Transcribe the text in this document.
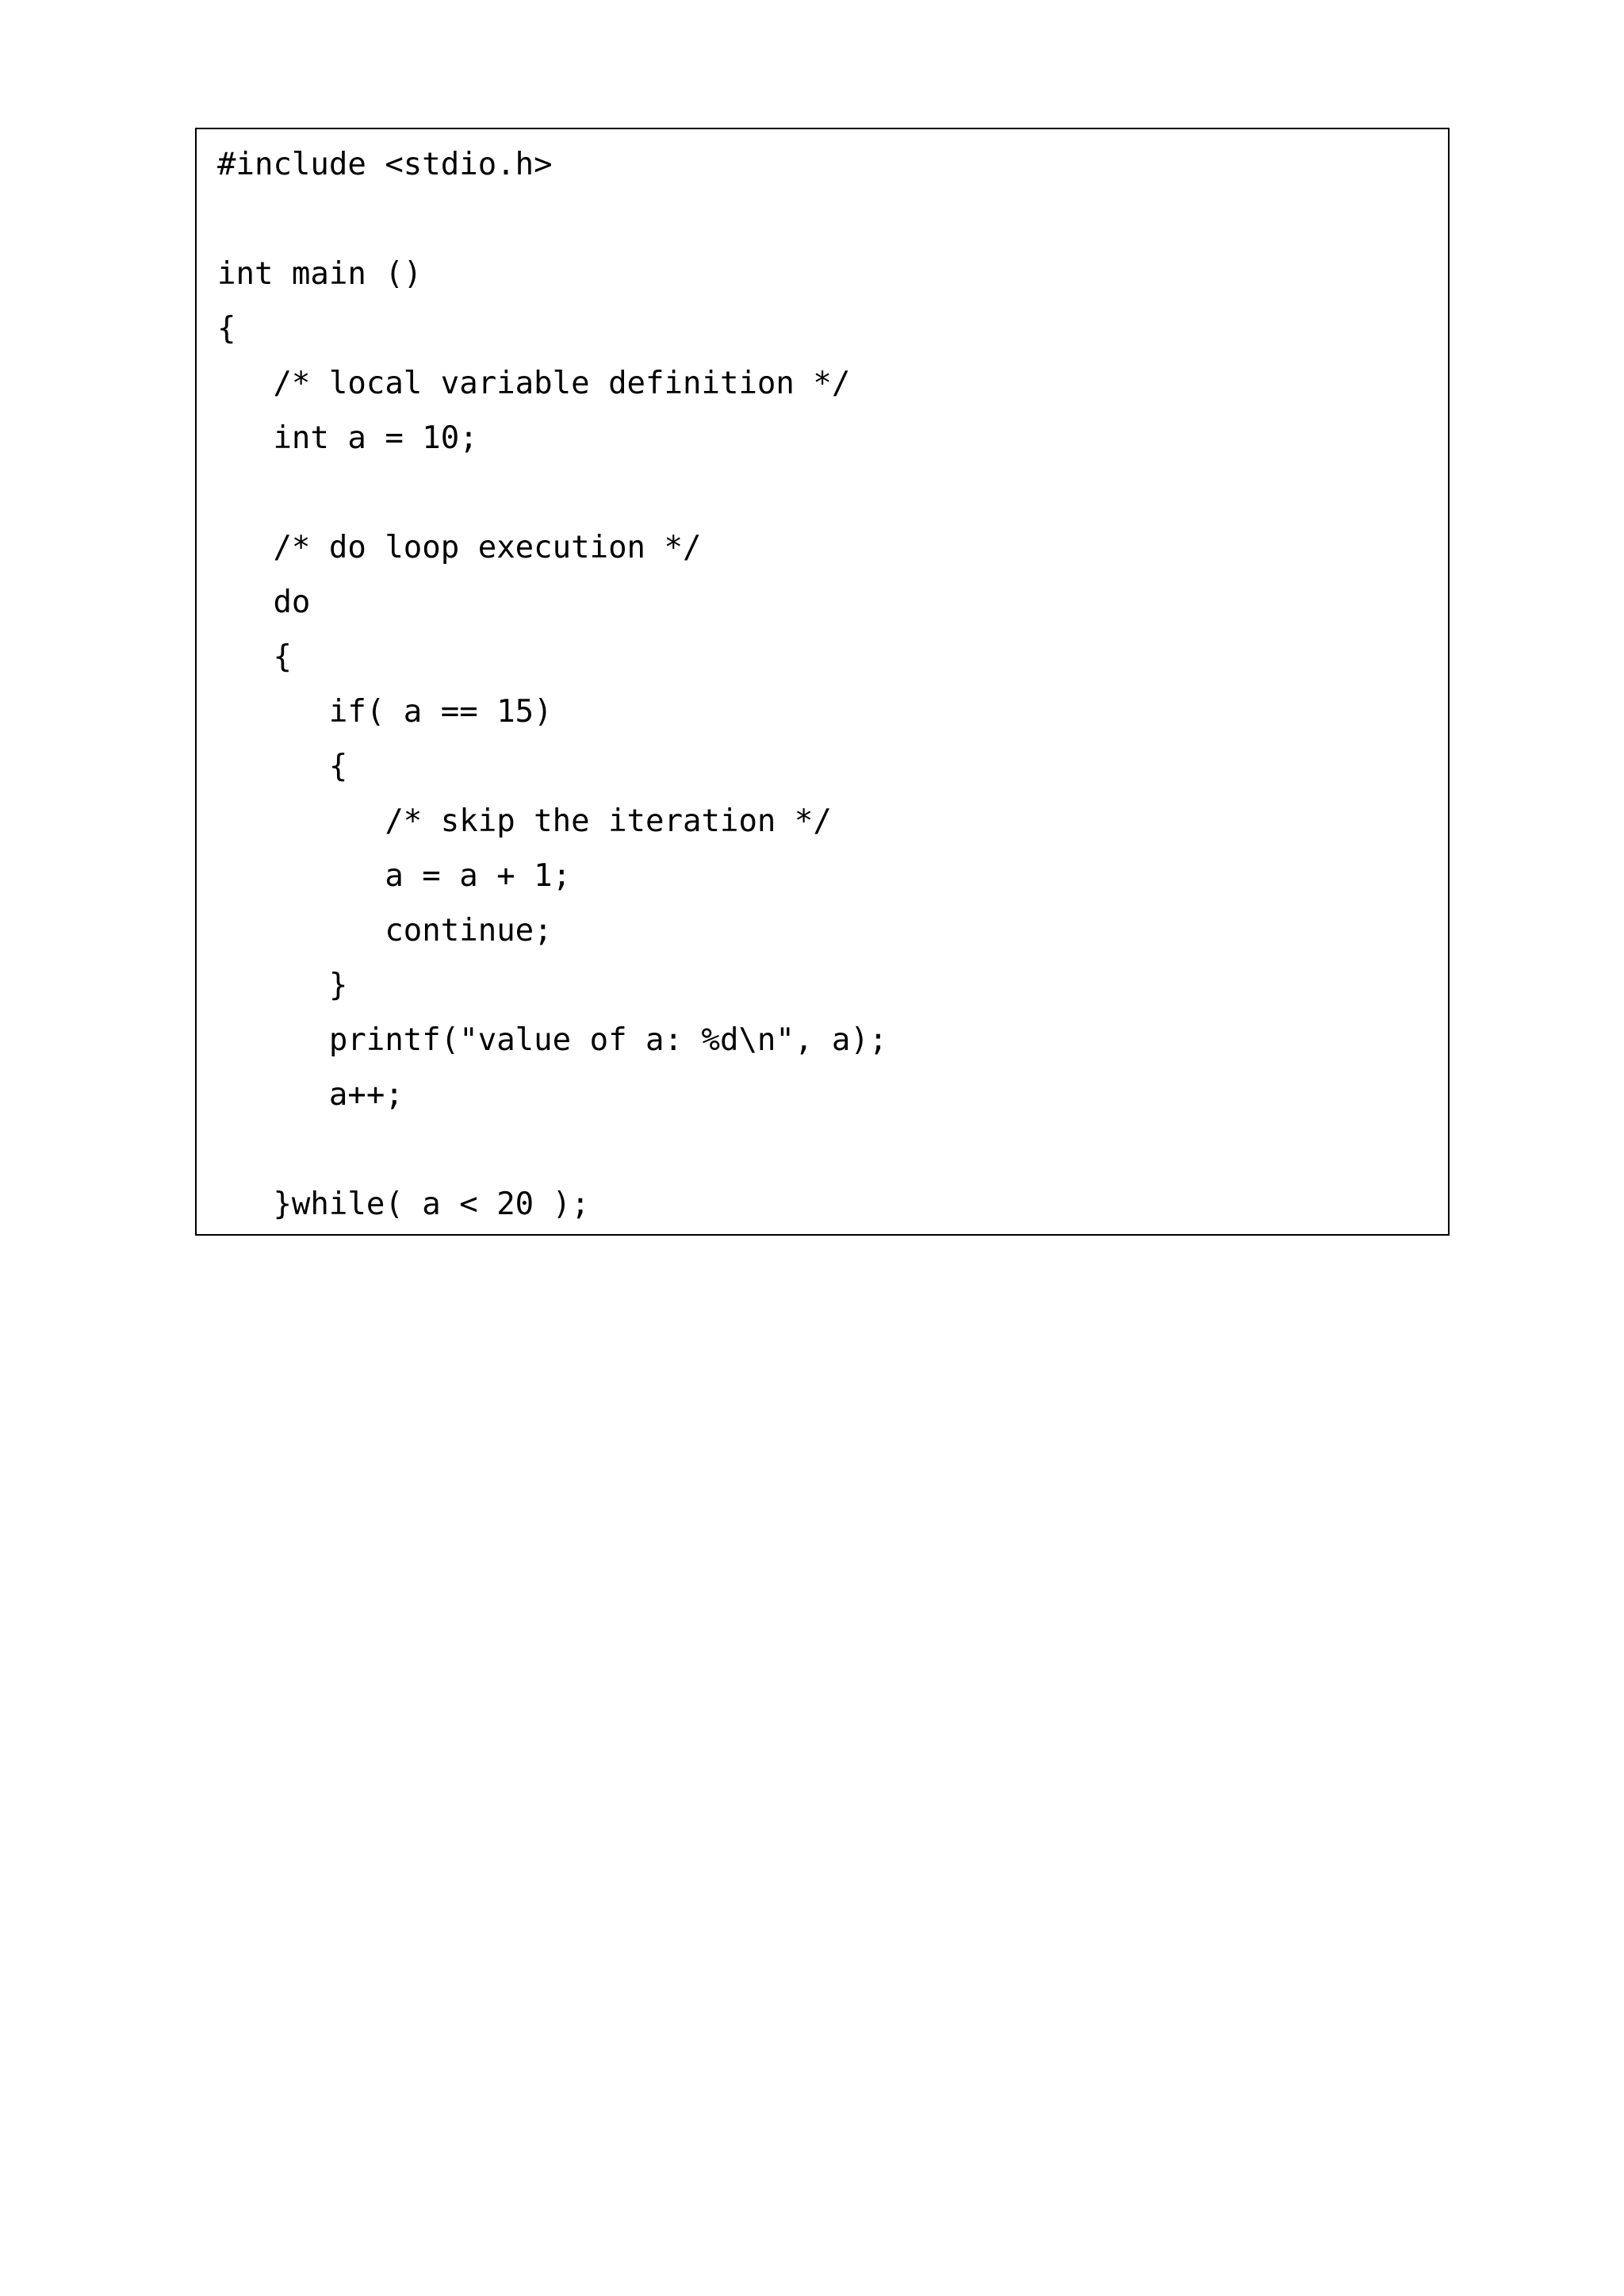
#include <stdio.h>
int main ()
{
/* local variable definition */
int a = 10;
/* do loop execution */
do
{
if( a == 15)
{
/* skip the iteration */
a = a + 1;
continue;
}
printf("value of a: %d\n", a);
a++;
}while( a < 20 );
